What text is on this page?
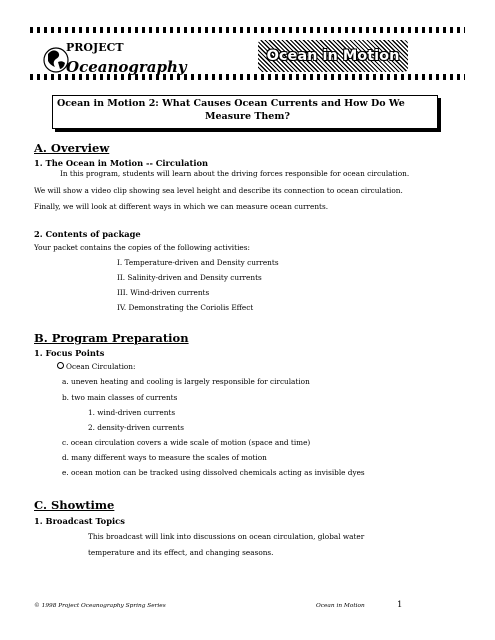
PROJECT
Oceanography
Ocean in Motion
Ocean in Motion 2: What Causes Ocean Currents and How Do We
Measure Them?
A. Overview
1. The Ocean in Motion -- Circulation
In this program, students will learn about the driving forces responsible for ocean circulation.
We will show a video clip showing sea level height and describe its connection to ocean circulation.
Finally, we will look at different ways in which we can measure ocean currents.
2. Contents of package
Your packet contains the copies of the following activities:
I. Temperature-driven and Density currents
II. Salinity-driven and Density currents
III. Wind-driven currents
IV. Demonstrating the Coriolis Effect
B. Program Preparation
1. Focus Points
Ocean Circulation:
a. uneven heating and cooling is largely responsible for circulation
b. two main classes of currents
1. wind-driven currents
2. density-driven currents
c. ocean circulation covers a wide scale of motion (space and time)
d. many different ways to measure the scales of motion
e. ocean motion can be tracked using dissolved chemicals acting as invisible dyes
C. Showtime
1. Broadcast Topics
This broadcast will link into discussions on ocean circulation, global water
temperature and its effect, and changing seasons.
© 1998 Project Oceanography Spring Series	Ocean in Motion	1
